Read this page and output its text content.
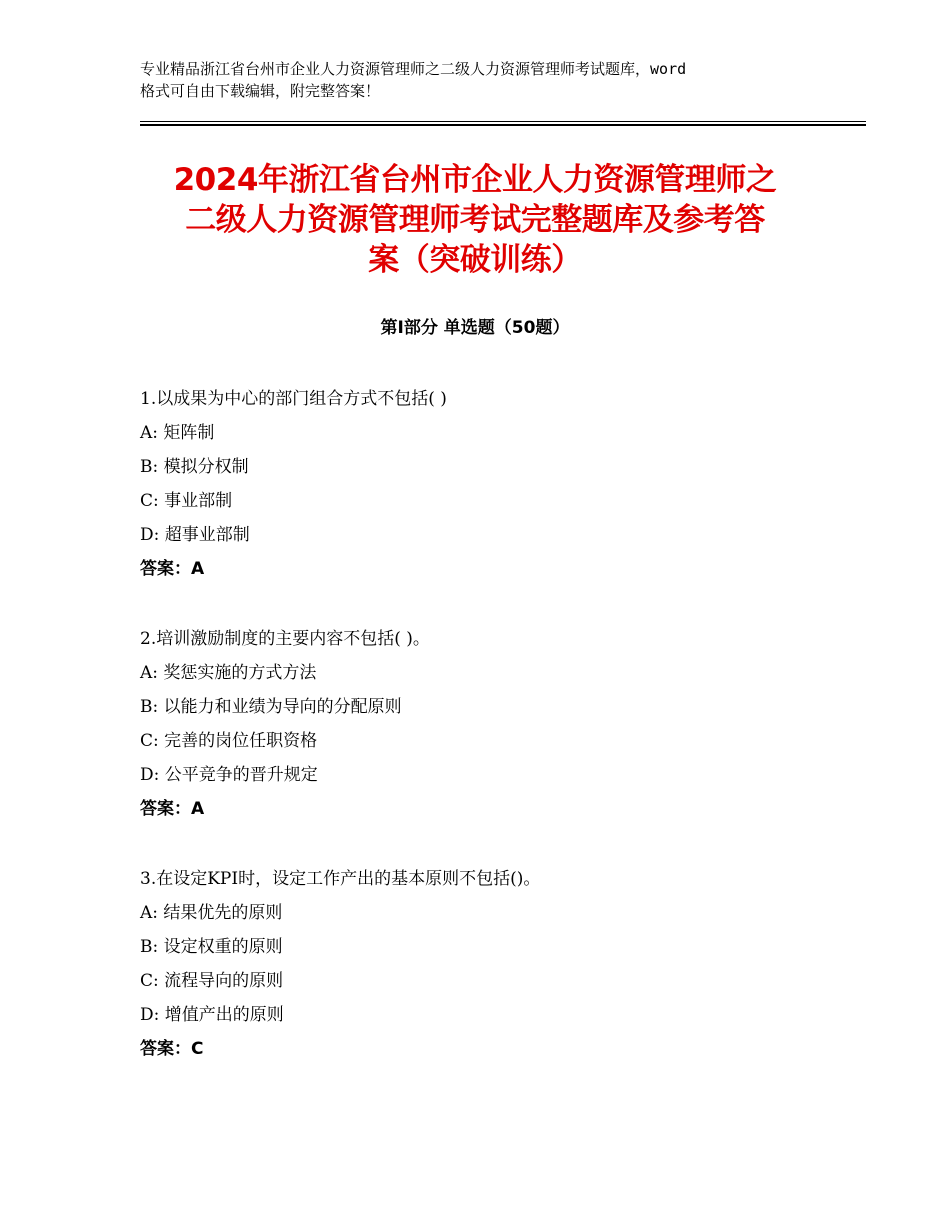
专业精品浙江省台州市企业人力资源管理师之二级人力资源管理师考试题库，word
格式可自由下载编辑，附完整答案！
2024年浙江省台州市企业人力资源管理师之
二级人力资源管理师考试完整题库及参考答
案（突破训练）
第Ⅰ部分 单选题（50题）
1.以成果为中心的部门组合方式不包括( )
A: 矩阵制
B: 模拟分权制
C: 事业部制
D: 超事业部制
答案：A
2.培训激励制度的主要内容不包括( )。
A: 奖惩实施的方式方法
B: 以能力和业绩为导向的分配原则
C: 完善的岗位任职资格
D: 公平竞争的晋升规定
答案：A
3.在设定KPI时，设定工作产出的基本原则不包括()。
A: 结果优先的原则
B: 设定权重的原则
C: 流程导向的原则
D: 增值产出的原则
答案：C
